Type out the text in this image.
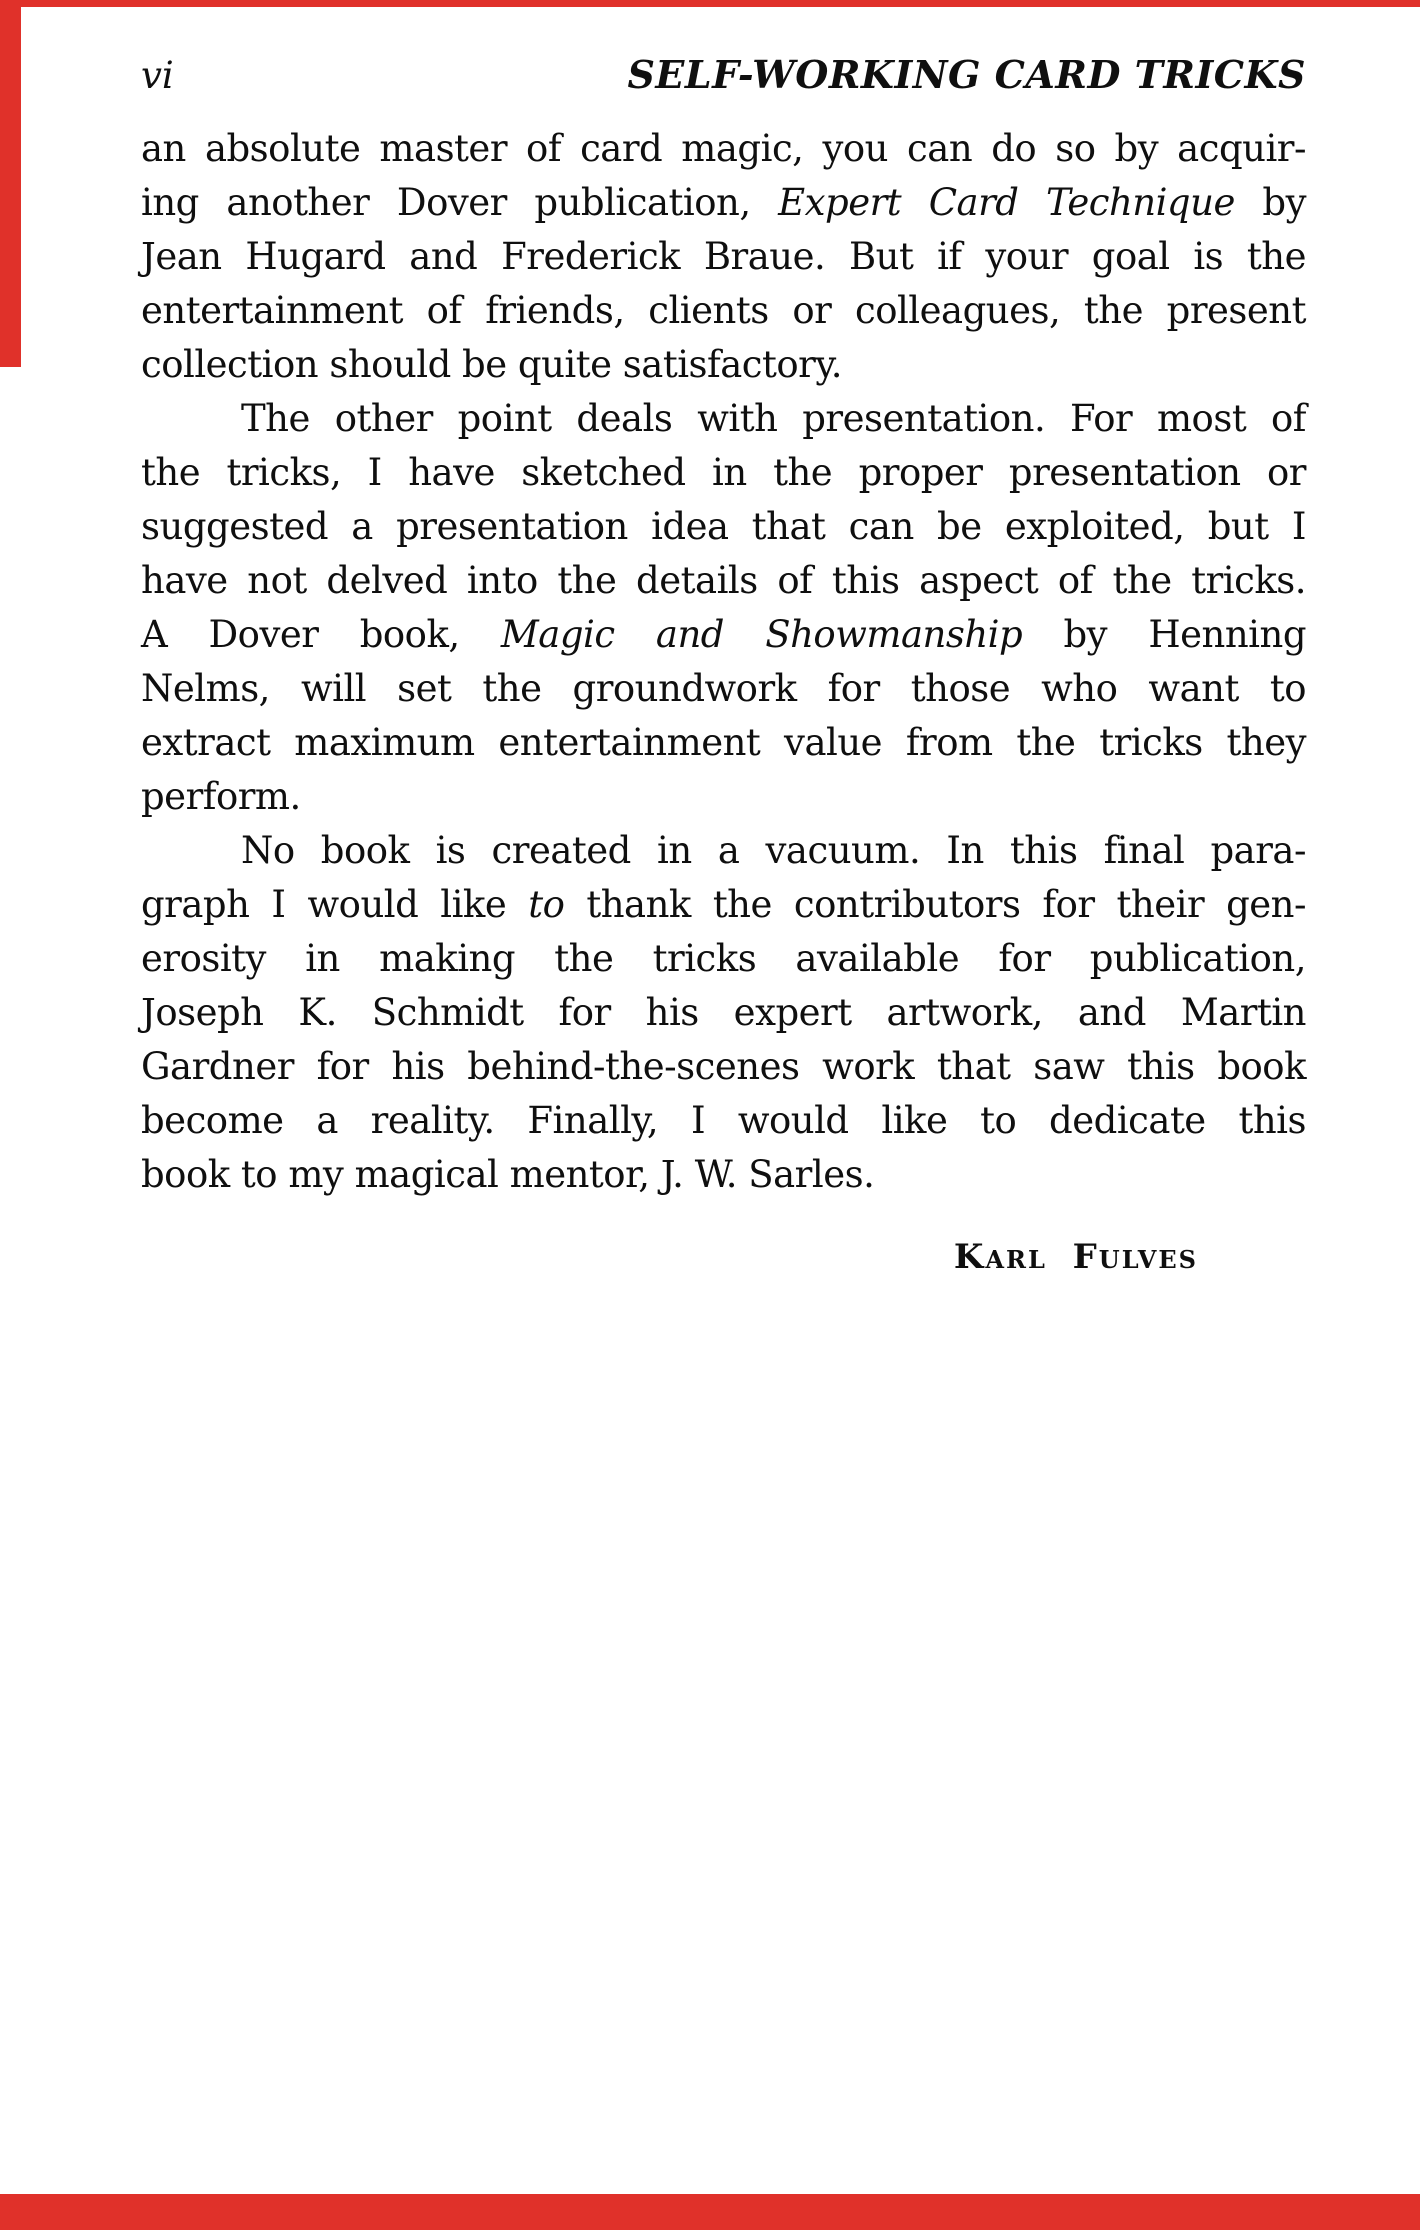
vi	SELF-WORKING CARD TRICKS
an absolute master of card magic, you can do so by acquir-
ing another Dover publication, Expert Card Technique by
Jean Hugard and Frederick Braue. But if your goal is the
entertainment of friends, clients or colleagues, the present
collection should be quite satisfactory.
The other point deals with presentation. For most of
the tricks, I have sketched in the proper presentation or
suggested a presentation idea that can be exploited, but I
have not delved into the details of this aspect of the tricks.
A Dover book, Magic and Showmanship by Henning
Nelms, will set the groundwork for those who want to
extract maximum entertainment value from the tricks they
perform.
No book is created in a vacuum. In this final para-
graph I would like to thank the contributors for their gen-
erosity in making the tricks available for publication,
Joseph K. Schmidt for his expert artwork, and Martin
Gardner for his behind-the-scenes work that saw this book
become a reality. Finally, I would like to dedicate this
book to my magical mentor, J. W. Sarles.
Karl Fulves
